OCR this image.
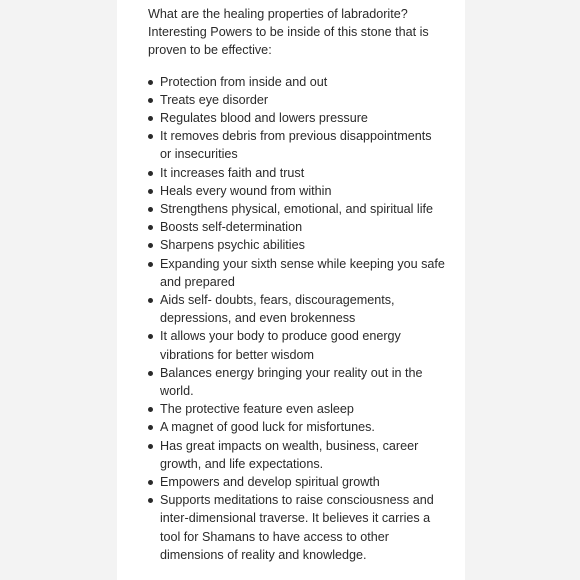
What are the healing properties of labradorite?
Interesting Powers to be inside of this stone that is
proven to be effective:

Protection from inside and out
Treats eye disorder
Regulates blood and lowers pressure
It removes debris from previous disappointments
or insecurities
It increases faith and trust
Heals every wound from within
Strengthens physical, emotional, and spiritual life
Boosts self-determination
Sharpens psychic abilities
Expanding your sixth sense while keeping you safe
and prepared
Aids self- doubts, fears, discouragements,
depressions, and even brokenness
It allows your body to produce good energy
vibrations for better wisdom
Balances energy bringing your reality out in the
world.
The protective feature even asleep
A magnet of good luck for misfortunes.
Has great impacts on wealth, business, career
growth, and life expectations.
Empowers and develop spiritual growth
Supports meditations to raise consciousness and
inter-dimensional traverse. It believes it carries a
tool for Shamans to have access to other
dimensions of reality and knowledge.
